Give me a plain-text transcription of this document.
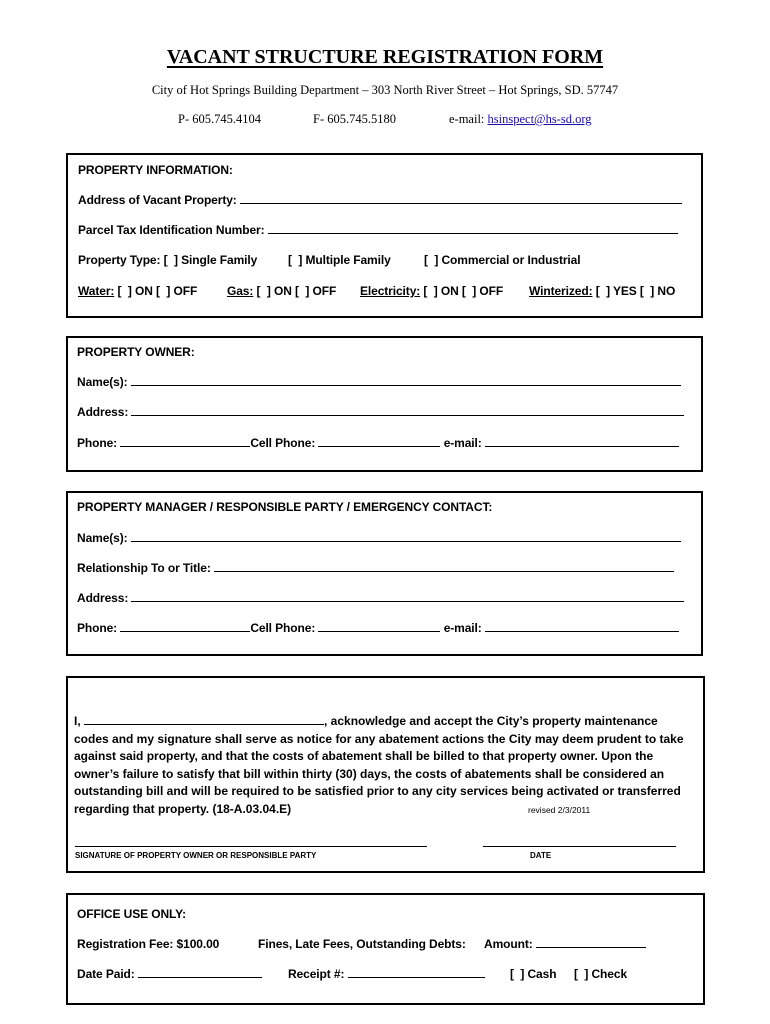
VACANT STRUCTURE REGISTRATION FORM
City of Hot Springs Building Department – 303 North River Street – Hot Springs, SD. 57747
P- 605.745.4104	F- 605.745.5180	e-mail: hsinspect@hs-sd.org
PROPERTY INFORMATION:
Address of Vacant Property:
Parcel Tax Identification Number:
Property Type: [  ] Single Family	[  ] Multiple Family	[  ] Commercial or Industrial
Water: [  ] ON [  ] OFF Gas: [  ] ON [  ] OFF Electricity: [  ] ON [  ] OFF Winterized: [  ] YES [  ] NO
PROPERTY OWNER:
Name(s):
Address:
Phone:	Cell Phone:	e-mail:
PROPERTY MANAGER / RESPONSIBLE PARTY / EMERGENCY CONTACT:
Name(s):
Relationship To or Title:
Address:
Phone:	Cell Phone:	e-mail:
I,	, acknowledge and accept the City’s property maintenance
codes and my signature shall serve as notice for any abatement actions the City may deem prudent to take
against said property, and that the costs of abatement shall be billed to that property owner. Upon the
owner’s failure to satisfy that bill within thirty (30) days, the costs of abatements shall be considered an
outstanding bill and will be required to be satisfied prior to any city services being activated or transferred
regarding that property. (18-A.03.04.E)	revised 2/3/2011
SIGNATURE OF PROPERTY OWNER OR RESPONSIBLE PARTY	DATE
OFFICE USE ONLY:
Registration Fee: $100.00	Fines, Late Fees, Outstanding Debts: Amount:
Date Paid:	Receipt #:	[  ] Cash [  ] Check
